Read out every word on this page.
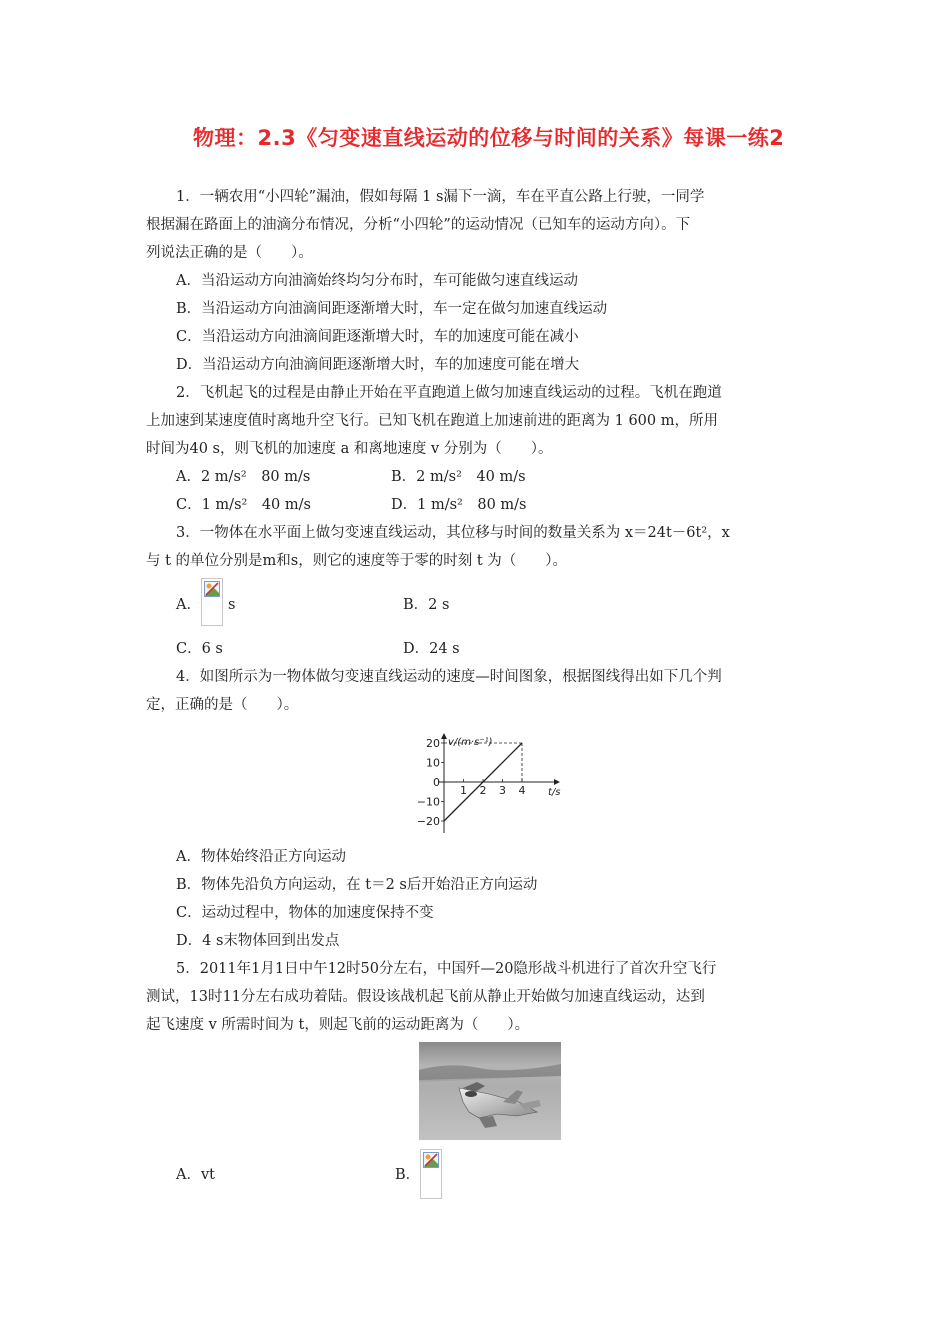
物理：2.3《匀变速直线运动的位移与时间的关系》每课一练2
1．一辆农用“小四轮”漏油，假如每隔 1 s漏下一滴，车在平直公路上行驶，一同学
根据漏在路面上的油滴分布情况，分析“小四轮”的运动情况（已知车的运动方向）。下
列说法正确的是（　　）。
A．当沿运动方向油滴始终均匀分布时，车可能做匀速直线运动
B．当沿运动方向油滴间距逐渐增大时，车一定在做匀加速直线运动
C．当沿运动方向油滴间距逐渐增大时，车的加速度可能在减小
D．当沿运动方向油滴间距逐渐增大时，车的加速度可能在增大
2．飞机起飞的过程是由静止开始在平直跑道上做匀加速直线运动的过程。飞机在跑道
上加速到某速度值时离地升空飞行。已知飞机在跑道上加速前进的距离为 1 600 m，所用
时间为40 s，则飞机的加速度 a 和离地速度 v 分别为（　　）。
A．2 m/s²　80 m/s	B．2 m/s²　40 m/s
C．1 m/s²　40 m/s	D．1 m/s²　80 m/s
3．一物体在水平面上做匀变速直线运动，其位移与时间的数量关系为 x＝24t－6t²，x
与 t 的单位分别是m和s，则它的速度等于零的时刻 t 为（　　）。
A． s	B．2 s
C．6 s	D．24 s
4．如图所示为一物体做匀变速直线运动的速度—时间图象，根据图线得出如下几个判
定，正确的是（　　）。
v/(m·s⁻¹)
t/s
20
10
0
−10
−20
1 2 3 4
A．物体始终沿正方向运动
B．物体先沿负方向运动，在 t＝2 s后开始沿正方向运动
C．运动过程中，物体的加速度保持不变
D．4 s末物体回到出发点
5．2011年1月1日中午12时50分左右，中国歼—20隐形战斗机进行了首次升空飞行
测试，13时11分左右成功着陆。假设该战机起飞前从静止开始做匀加速直线运动，达到
起飞速度 v 所需时间为 t，则起飞前的运动距离为（　　）。
A．vt	B．
